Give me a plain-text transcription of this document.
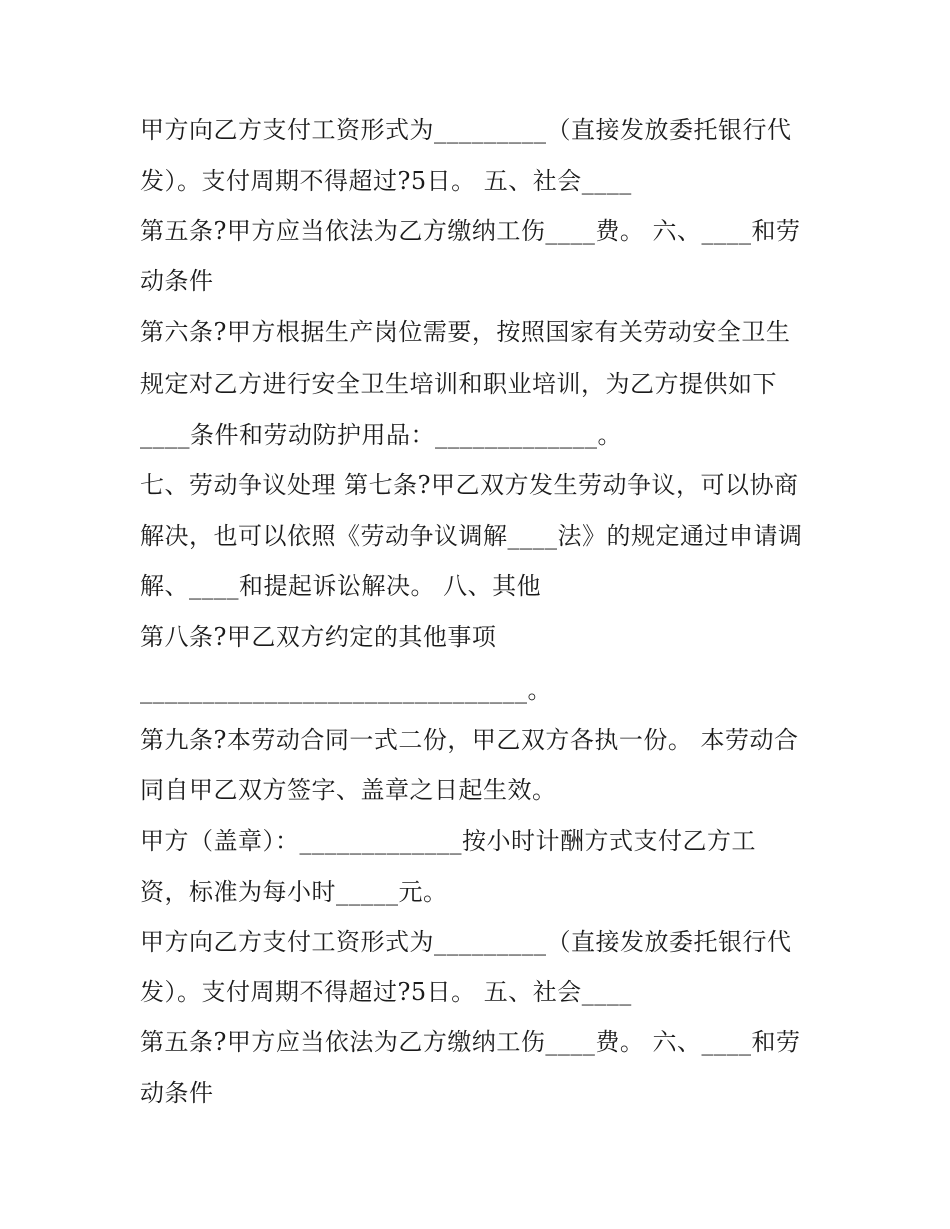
甲方向乙方支付工资形式为_________（直接发放委托银行代
发）。支付周期不得超过?5日。 五、社会____
第五条?甲方应当依法为乙方缴纳工伤____费。 六、____和劳
动条件
第六条?甲方根据生产岗位需要，按照国家有关劳动安全卫生
规定对乙方进行安全卫生培训和职业培训，为乙方提供如下
____条件和劳动防护用品：_____________。
七、劳动争议处理 第七条?甲乙双方发生劳动争议，可以协商
解决，也可以依照《劳动争议调解____法》的规定通过申请调
解、____和提起诉讼解决。 八、其他
第八条?甲乙双方约定的其他事项
_______________________________。
第九条?本劳动合同一式二份，甲乙双方各执一份。 本劳动合
同自甲乙双方签字、盖章之日起生效。
甲方（盖章）：_____________按小时计酬方式支付乙方工
资，标准为每小时_____元。
甲方向乙方支付工资形式为_________（直接发放委托银行代
发）。支付周期不得超过?5日。 五、社会____
第五条?甲方应当依法为乙方缴纳工伤____费。 六、____和劳
动条件
